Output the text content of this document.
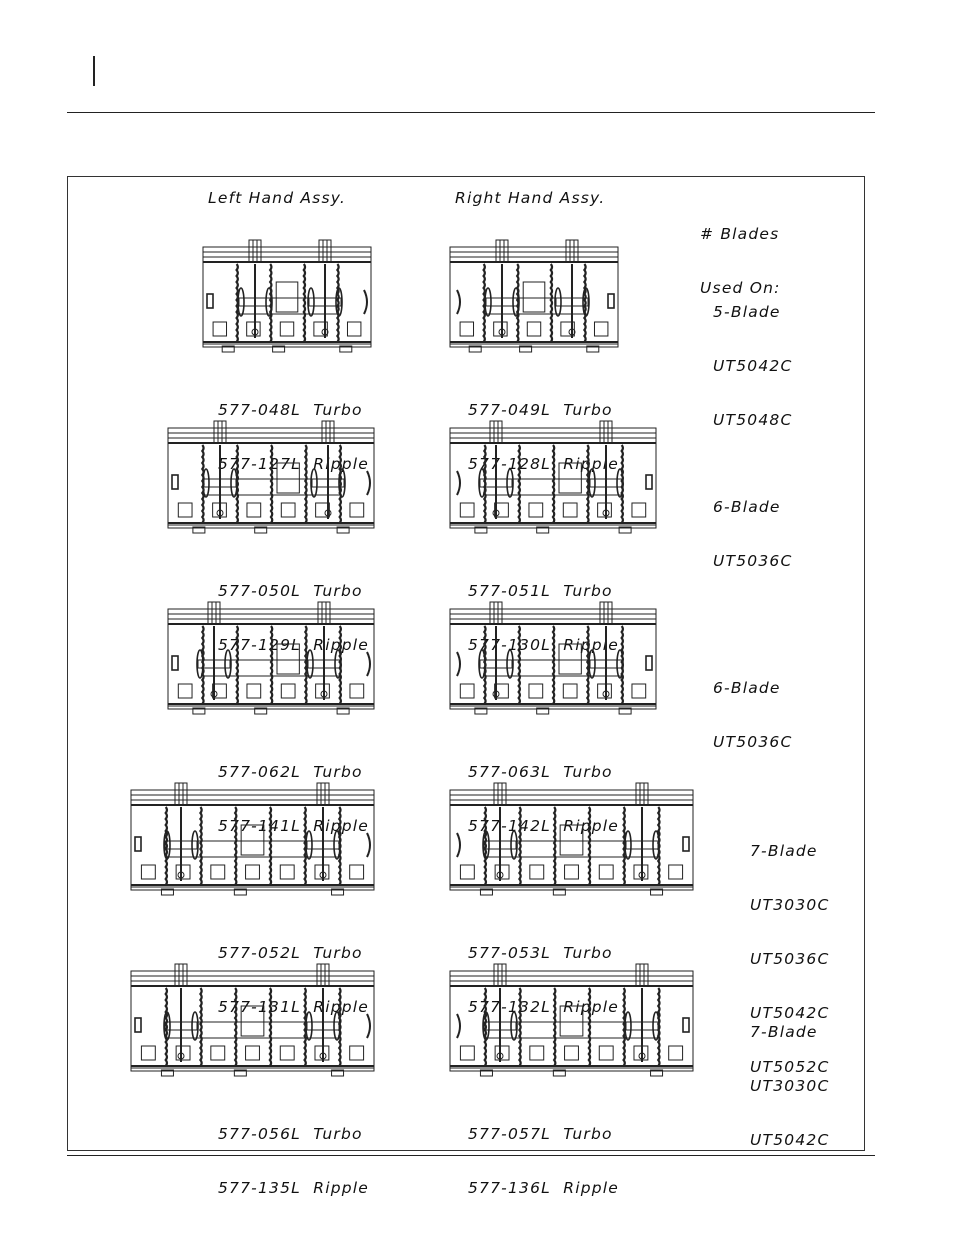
Left Hand Assy.	Right Hand Assy.

# Blades

Used On:

577-048L  Turbo

577-127L  Ripple

577-049L  Turbo

577-128L  Ripple

5-Blade

UT5042C

UT5048C

577-050L  Turbo

577-129L  Ripple

577-051L  Turbo

577-130L  Ripple

6-Blade

UT5036C

577-062L  Turbo

577-141L  Ripple

577-063L  Turbo

577-142L  Ripple

6-Blade

UT5036C

577-052L  Turbo

577-131L  Ripple

577-053L  Turbo

577-132L  Ripple

7-Blade

UT3030C

UT5036C

UT5042C

UT5052C

577-056L  Turbo

577-135L  Ripple

577-057L  Turbo

577-136L  Ripple

7-Blade

UT3030C

UT5042C
